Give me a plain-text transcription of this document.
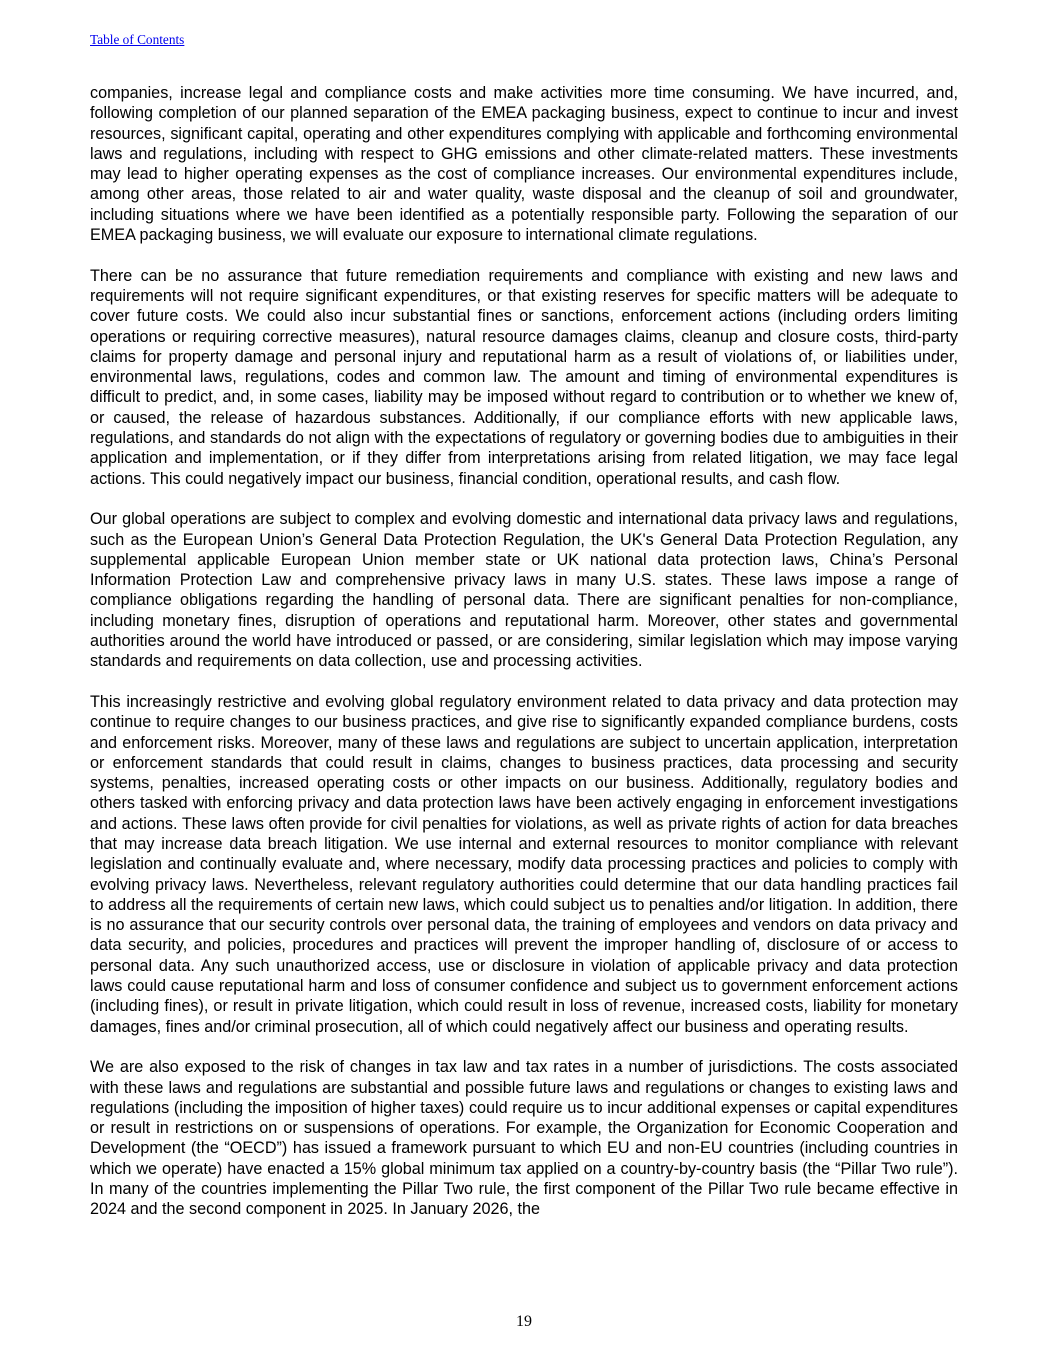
Table of Contents

companies, increase legal and compliance costs and make activities more time consuming. We have incurred, and, following completion of our planned separation of the EMEA packaging business, expect to continue to incur and invest resources, significant capital, operating and other expenditures complying with applicable and forthcoming environmental laws and regulations, including with respect to GHG emissions and other climate-related matters. These investments may lead to higher operating expenses as the cost of compliance increases. Our environmental expenditures include, among other areas, those related to air and water quality, waste disposal and the cleanup of soil and groundwater, including situations where we have been identified as a potentially responsible party. Following the separation of our EMEA packaging business, we will evaluate our exposure to international climate regulations.

There can be no assurance that future remediation requirements and compliance with existing and new laws and requirements will not require significant expenditures, or that existing reserves for specific matters will be adequate to cover future costs. We could also incur substantial fines or sanctions, enforcement actions (including orders limiting operations or requiring corrective measures), natural resource damages claims, cleanup and closure costs, third-party claims for property damage and personal injury and reputational harm as a result of violations of, or liabilities under, environmental laws, regulations, codes and common law. The amount and timing of environmental expenditures is difficult to predict, and, in some cases, liability may be imposed without regard to contribution or to whether we knew of, or caused, the release of hazardous substances. Additionally, if our compliance efforts with new applicable laws, regulations, and standards do not align with the expectations of regulatory or governing bodies due to ambiguities in their application and implementation, or if they differ from interpretations arising from related litigation, we may face legal actions. This could negatively impact our business, financial condition, operational results, and cash flow.

Our global operations are subject to complex and evolving domestic and international data privacy laws and regulations, such as the European Union’s General Data Protection Regulation, the UK's General Data Protection Regulation, any supplemental applicable European Union member state or UK national data protection laws, China’s Personal Information Protection Law and comprehensive privacy laws in many U.S. states. These laws impose a range of compliance obligations regarding the handling of personal data. There are significant penalties for non-compliance, including monetary fines, disruption of operations and reputational harm. Moreover, other states and governmental authorities around the world have introduced or passed, or are considering, similar legislation which may impose varying standards and requirements on data collection, use and processing activities.

This increasingly restrictive and evolving global regulatory environment related to data privacy and data protection may continue to require changes to our business practices, and give rise to significantly expanded compliance burdens, costs and enforcement risks. Moreover, many of these laws and regulations are subject to uncertain application, interpretation or enforcement standards that could result in claims, changes to business practices, data processing and security systems, penalties, increased operating costs or other impacts on our business. Additionally, regulatory bodies and others tasked with enforcing privacy and data protection laws have been actively engaging in enforcement investigations and actions. These laws often provide for civil penalties for violations, as well as private rights of action for data breaches that may increase data breach litigation. We use internal and external resources to monitor compliance with relevant legislation and continually evaluate and, where necessary, modify data processing practices and policies to comply with evolving privacy laws. Nevertheless, relevant regulatory authorities could determine that our data handling practices fail to address all the requirements of certain new laws, which could subject us to penalties and/or litigation. In addition, there is no assurance that our security controls over personal data, the training of employees and vendors on data privacy and data security, and policies, procedures and practices will prevent the improper handling of, disclosure of or access to personal data. Any such unauthorized access, use or disclosure in violation of applicable privacy and data protection laws could cause reputational harm and loss of consumer confidence and subject us to government enforcement actions (including fines), or result in private litigation, which could result in loss of revenue, increased costs, liability for monetary damages, fines and/or criminal prosecution, all of which could negatively affect our business and operating results.

We are also exposed to the risk of changes in tax law and tax rates in a number of jurisdictions. The costs associated with these laws and regulations are substantial and possible future laws and regulations or changes to existing laws and regulations (including the imposition of higher taxes) could require us to incur additional expenses or capital expenditures or result in restrictions on or suspensions of operations. For example, the Organization for Economic Cooperation and Development (the “OECD”) has issued a framework pursuant to which EU and non-EU countries (including countries in which we operate) have enacted a 15% global minimum tax applied on a country-by-country basis (the “Pillar Two rule”). In many of the countries implementing the Pillar Two rule, the first component of the Pillar Two rule became effective in 2024 and the second component in 2025. In January 2026, the

19
